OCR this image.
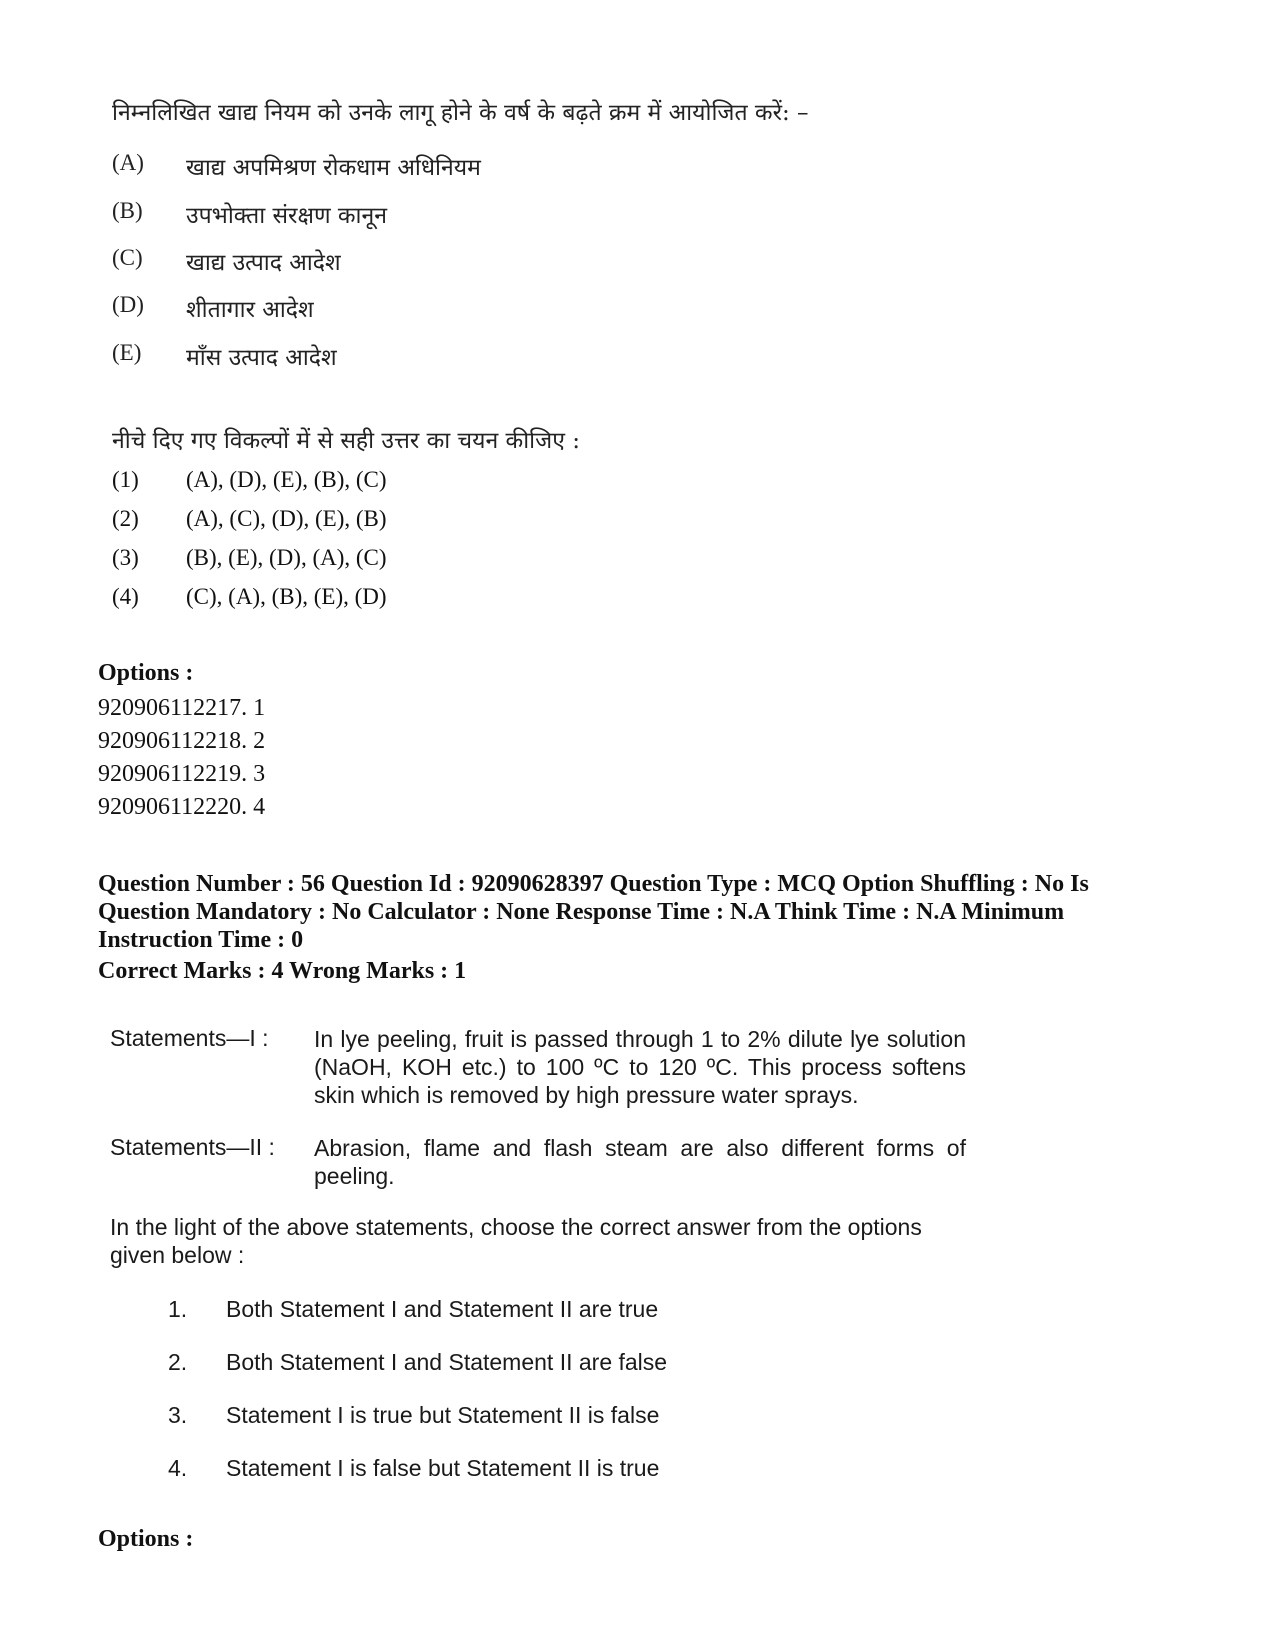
निम्नलिखित खाद्य नियम को उनके लागू होने के वर्ष के बढ़ते क्रम में आयोजित करें: –
(A)	खाद्य अपमिश्रण रोकधाम अधिनियम
(B)	उपभोक्ता संरक्षण कानून
(C)	खाद्य उत्पाद आदेश
(D)	शीतागार आदेश
(E)	माँस उत्पाद आदेश
नीचे दिए गए विकल्पों में से सही उत्तर का चयन कीजिए :
(1)	(A), (D), (E), (B), (C)
(2)	(A), (C), (D), (E), (B)
(3)	(B), (E), (D), (A), (C)
(4)	(C), (A), (B), (E), (D)
Options :
920906112217. 1
920906112218. 2
920906112219. 3
920906112220. 4
Question Number : 56 Question Id : 92090628397 Question Type : MCQ Option Shuffling : No Is Question Mandatory : No Calculator : None Response Time : N.A Think Time : N.A Minimum Instruction Time : 0
Correct Marks : 4 Wrong Marks : 1
Statements—I : In lye peeling, fruit is passed through 1 to 2% dilute lye solution (NaOH, KOH etc.) to 100 ºC to 120 ºC. This process softens skin which is removed by high pressure water sprays.
Statements—II : Abrasion, flame and flash steam are also different forms of peeling.
In the light of the above statements, choose the correct answer from the options given below :
1.	Both Statement I and Statement II are true
2.	Both Statement I and Statement II are false
3.	Statement I is true but Statement II is false
4.	Statement I is false but Statement II is true
Options :
